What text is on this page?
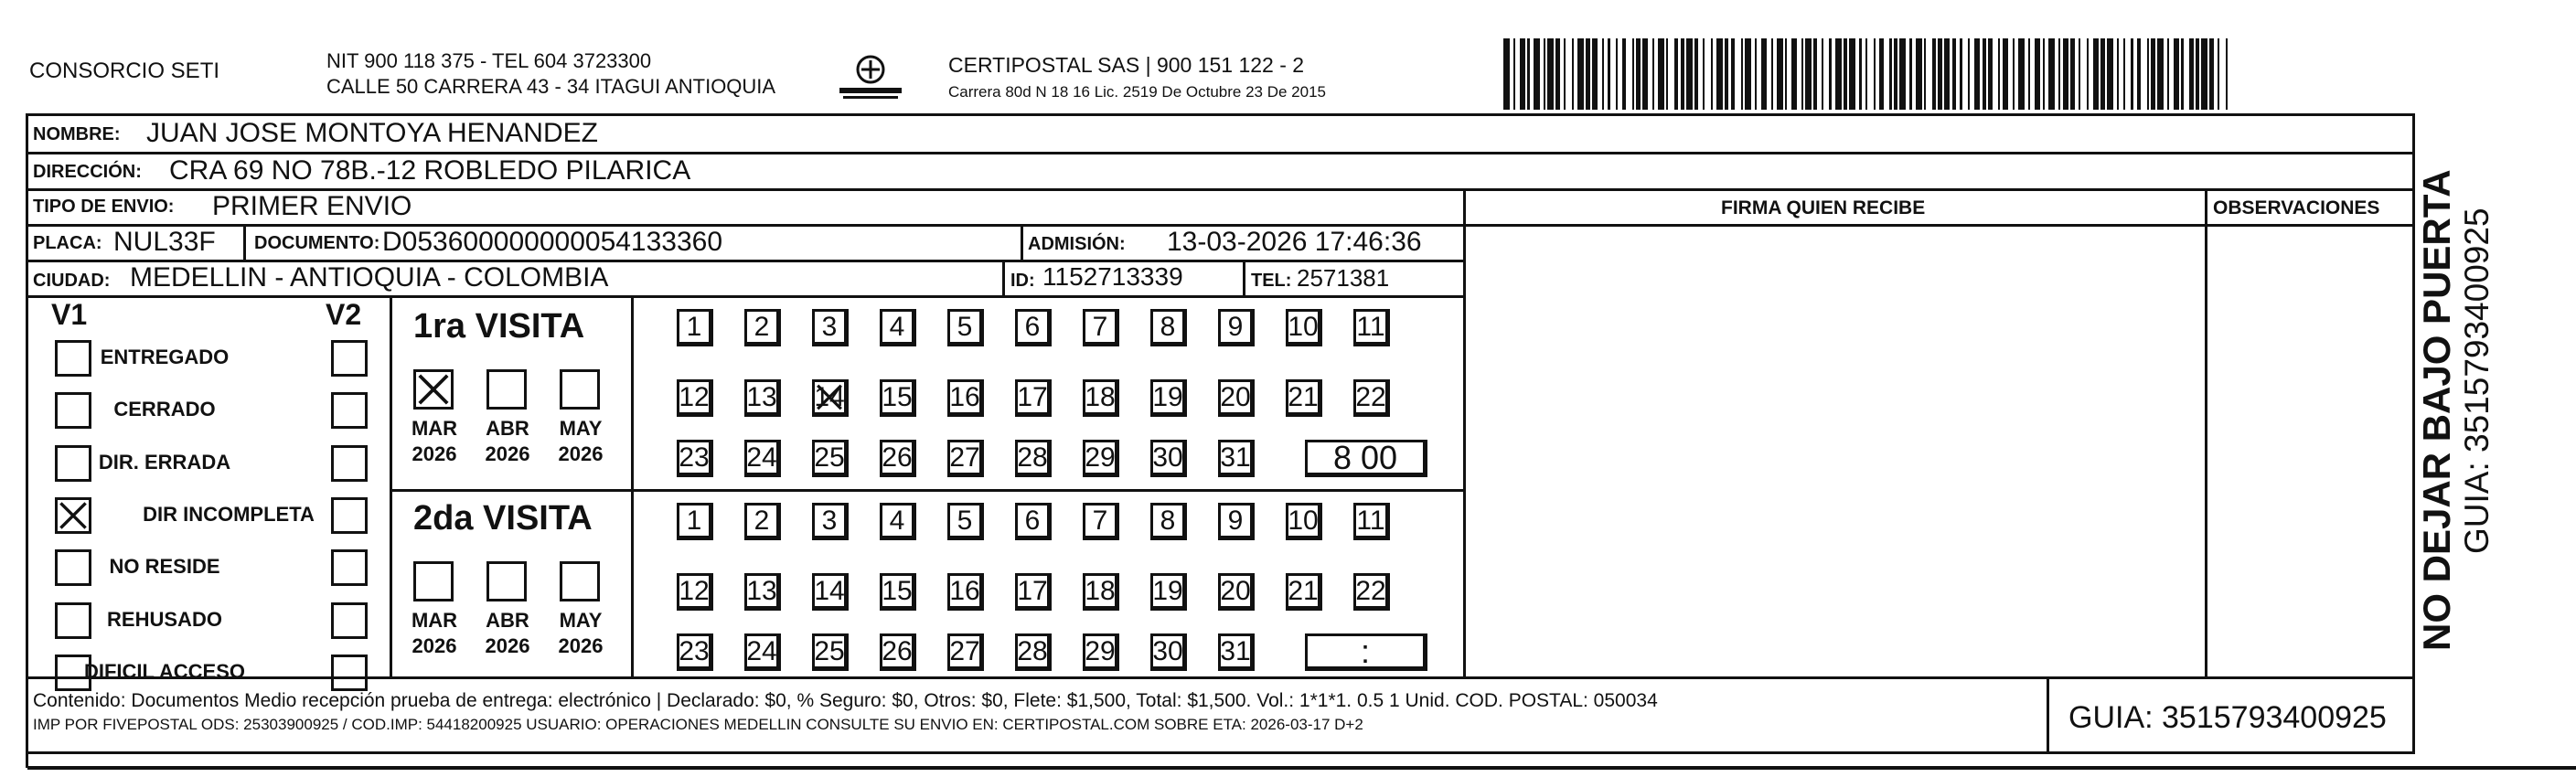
CONSORCIO SETI	NIT 900 118 375 - TEL 604 3723300
CALLE 50 CARRERA 43 - 34 ITAGUI ANTIOQUIA
CERTIPOSTAL SAS | 900 151 122 - 2
Carrera 80d N 18 16 Lic. 2519 De Octubre 23 De 2015
NOMBRE: JUAN JOSE MONTOYA HENANDEZ
DIRECCIÓN: CRA 69 NO 78B.-12 ROBLEDO PILARICA
TIPO DE ENVIO: PRIMER ENVIO	FIRMA QUIEN RECIBE	OBSERVACIONES
PLACA: NUL33F DOCUMENTO: D053600000000054133360	ADMISIÓN: 13-03-2026 17:46:36
CIUDAD: MEDELLIN - ANTIOQUIA - COLOMBIA	ID: 1152713339	TEL: 2571381
V1	V2 1ra VISITA
2da VISITA
Contenido: Documentos Medio recepción prueba de entrega: electrónico | Declarado: $0, % Seguro: $0, Otros: $0, Flete: $1,500, Total: $1,500. Vol.: 1*1*1. 0.5 1 Unid. COD. POSTAL: 050034
IMP POR FIVEPOSTAL ODS: 25303900925 / COD.IMP: 54418200925 USUARIO: OPERACIONES MEDELLIN CONSULTE SU ENVIO EN: CERTIPOSTAL.COM SOBRE ETA: 2026-03-17 D+2	GUIA: 3515793400925
NO DEJAR BAJO PUERTA GUIA: 3515793400925
ENTREGADO
CERRADO
DIR. ERRADA
DIR INCOMPLETA
NO RESIDE
REHUSADO
DIFICIL ACCESO
MAR
2026
ABR
2026
MAY
2026
MAR
2026
ABR
2026
MAY
2026
1 2 3 4 5 6 7 8 9 10 11
12 13 14 15 16 17 18 19 20 21 22
23 24 25 26 27 28 29 30 31	8 00
1 2 3 4 5 6 7 8 9 10 11
12 13 14 15 16 17 18 19 20 21 22
23 24 25 26 27 28 29 30 31	:
